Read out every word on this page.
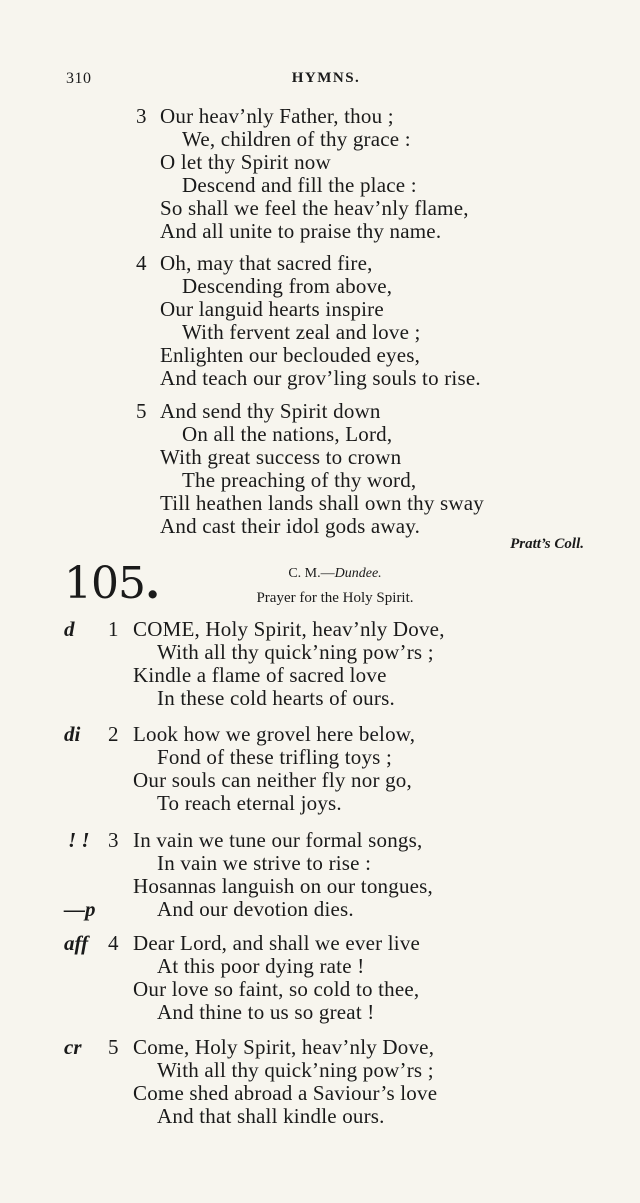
310	HYMNS.
3 Our heav’nly Father, thou ;
We, children of thy grace :
O let thy Spirit now
Descend and fill the place :
So shall we feel the heav’nly flame,
And all unite to praise thy name.
4 Oh, may that sacred fire,
Descending from above,
Our languid hearts inspire
With fervent zeal and love ;
Enlighten our beclouded eyes,
And teach our grov’ling souls to rise.
5 And send thy Spirit down
On all the nations, Lord,
With great success to crown
The preaching of thy word,
Till heathen lands shall own thy sway
And cast their idol gods away.
Pratt’s Coll.
105.	C. M.—Dundee.
Prayer for the Holy Spirit.
d 1 COME, Holy Spirit, heav’nly Dove,
With all thy quick’ning pow’rs ;
Kindle a flame of sacred love
In these cold hearts of ours.
di 2 Look how we grovel here below,
Fond of these trifling toys ;
Our souls can neither fly nor go,
To reach eternal joys.
! ! 3 In vain we tune our formal songs,
In vain we strive to rise :
Hosannas languish on our tongues,
—p	And our devotion dies.
aff 4 Dear Lord, and shall we ever live
At this poor dying rate !
Our love so faint, so cold to thee,
And thine to us so great !
cr 5 Come, Holy Spirit, heav’nly Dove,
With all thy quick’ning pow’rs ;
Come shed abroad a Saviour’s love
And that shall kindle ours.
